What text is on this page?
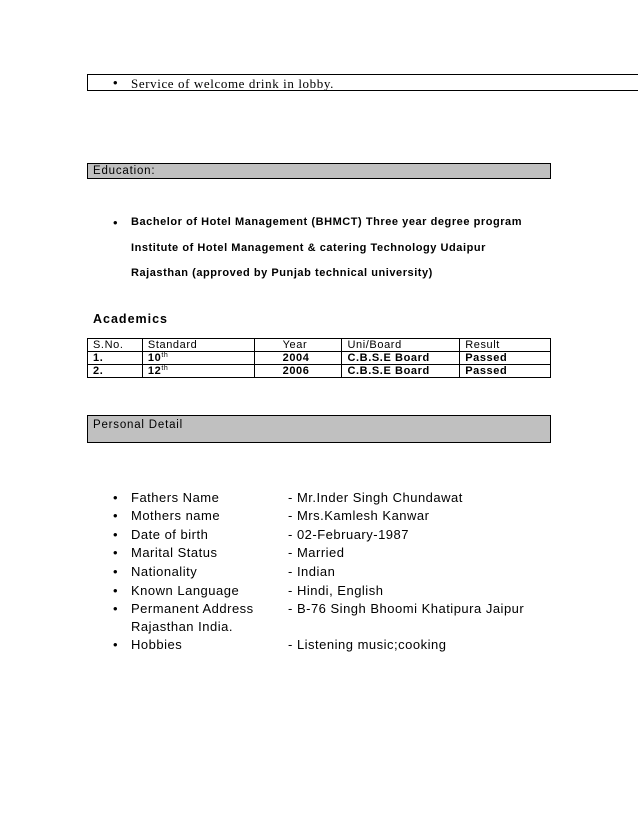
• Service of welcome drink in lobby.
Education:
• Bachelor of Hotel Management (BHMCT) Three year degree program
Institute of Hotel Management & catering Technology Udaipur
Rajasthan (approved by Punjab technical university)
Academics
S.No.	Standard	Year	Uni/Board	Result
1.	10th	2004	C.B.S.E Board	Passed
2.	12th	2006	C.B.S.E Board	Passed
Personal Detail
• Fathers Name	- Mr.Inder Singh Chundawat
• Mothers name	- Mrs.Kamlesh Kanwar
• Date of birth	- 02-February-1987
• Marital Status	- Married
• Nationality	- Indian
• Known Language	- Hindi, English
• Permanent Address	- B-76 Singh Bhoomi Khatipura Jaipur
Rajasthan India.
• Hobbies	- Listening music;cooking
